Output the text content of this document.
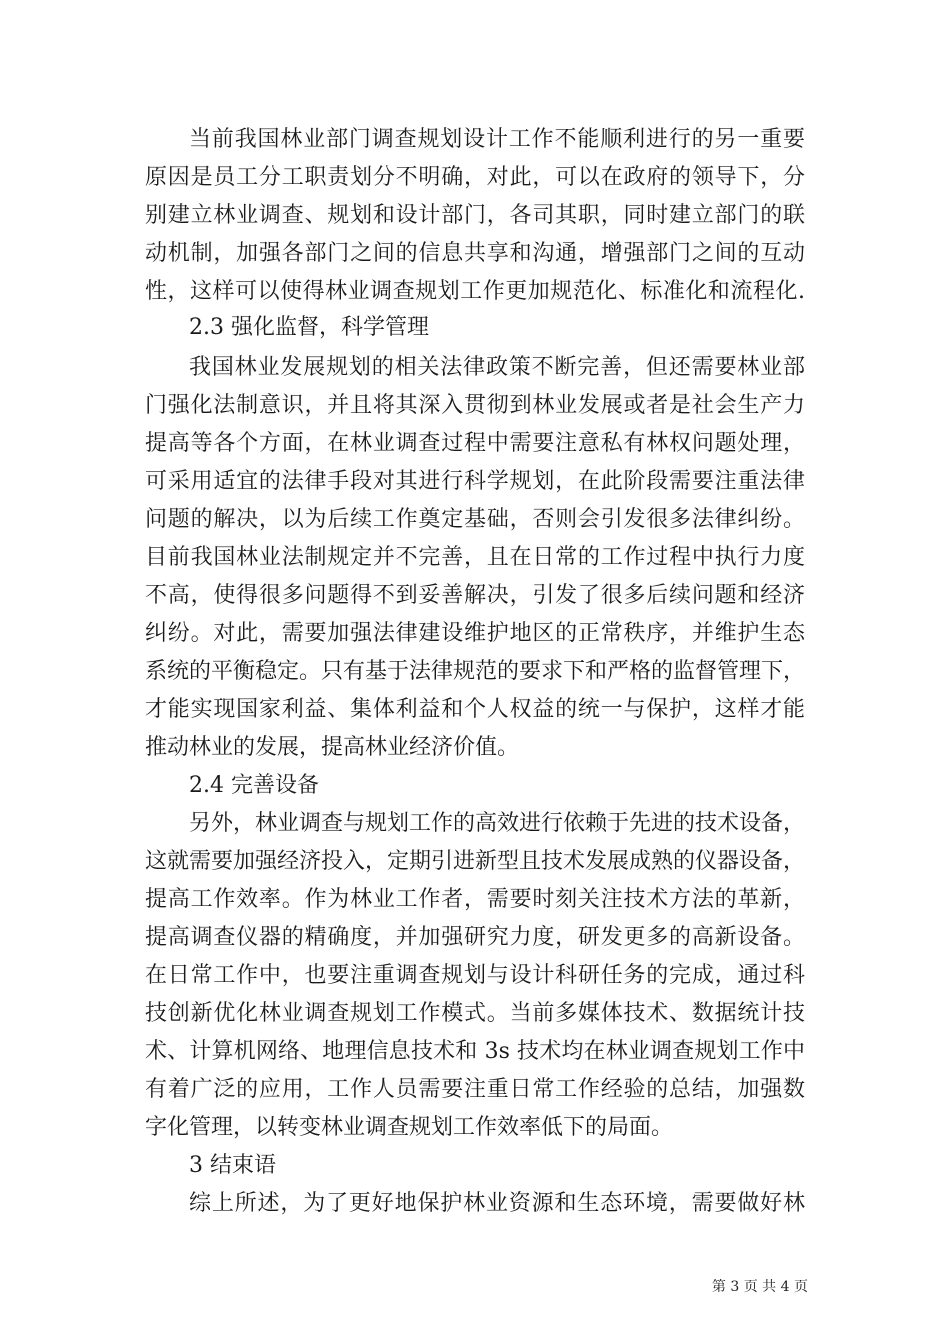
当前我国林业部门调查规划设计工作不能顺利进行的另一重要
原因是员工分工职责划分不明确，对此，可以在政府的领导下，分
别建立林业调查、规划和设计部门，各司其职，同时建立部门的联
动机制，加强各部门之间的信息共享和沟通，增强部门之间的互动
性，这样可以使得林业调查规划工作更加规范化、标准化和流程化.
2.3 强化监督，科学管理
我国林业发展规划的相关法律政策不断完善，但还需要林业部
门强化法制意识，并且将其深入贯彻到林业发展或者是社会生产力
提高等各个方面，在林业调查过程中需要注意私有林权问题处理，
可采用适宜的法律手段对其进行科学规划，在此阶段需要注重法律
问题的解决，以为后续工作奠定基础，否则会引发很多法律纠纷。
目前我国林业法制规定并不完善，且在日常的工作过程中执行力度
不高，使得很多问题得不到妥善解决，引发了很多后续问题和经济
纠纷。对此，需要加强法律建设维护地区的正常秩序，并维护生态
系统的平衡稳定。只有基于法律规范的要求下和严格的监督管理下，
才能实现国家利益、集体利益和个人权益的统一与保护，这样才能
推动林业的发展，提高林业经济价值。
2.4 完善设备
另外，林业调查与规划工作的高效进行依赖于先进的技术设备，
这就需要加强经济投入，定期引进新型且技术发展成熟的仪器设备，
提高工作效率。作为林业工作者，需要时刻关注技术方法的革新，
提高调查仪器的精确度，并加强研究力度，研发更多的高新设备。
在日常工作中，也要注重调查规划与设计科研任务的完成，通过科
技创新优化林业调查规划工作模式。当前多媒体技术、数据统计技
术、计算机网络、地理信息技术和 3s 技术均在林业调查规划工作中
有着广泛的应用，工作人员需要注重日常工作经验的总结，加强数
字化管理，以转变林业调查规划工作效率低下的局面。
3 结束语
综上所述，为了更好地保护林业资源和生态环境，需要做好林
第 3 页 共 4 页
